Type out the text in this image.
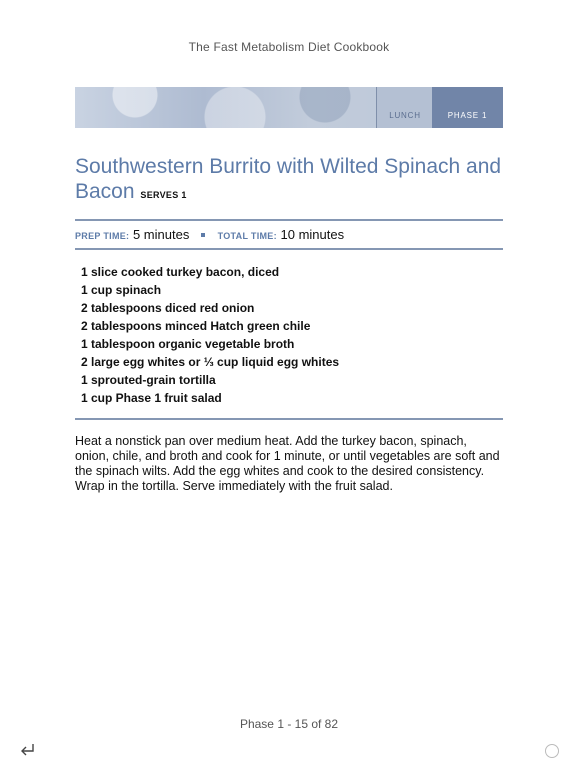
The Fast Metabolism Diet Cookbook
LUNCH	PHASE 1
Southwestern Burrito with Wilted Spinach and Bacon SERVES 1
PREP TIME: 5 minutes	TOTAL TIME: 10 minutes
1 slice cooked turkey bacon, diced
1 cup spinach
2 tablespoons diced red onion
2 tablespoons minced Hatch green chile
1 tablespoon organic vegetable broth
2 large egg whites or ⅓ cup liquid egg whites
1 sprouted-grain tortilla
1 cup Phase 1 fruit salad

Heat a nonstick pan over medium heat. Add the turkey bacon, spinach, onion, chile, and broth and cook for 1 minute, or until vegetables are soft and the spinach wilts. Add the egg whites and cook to the desired consistency. Wrap in the tortilla. Serve immediately with the fruit salad.

Phase 1 - 15 of 82
